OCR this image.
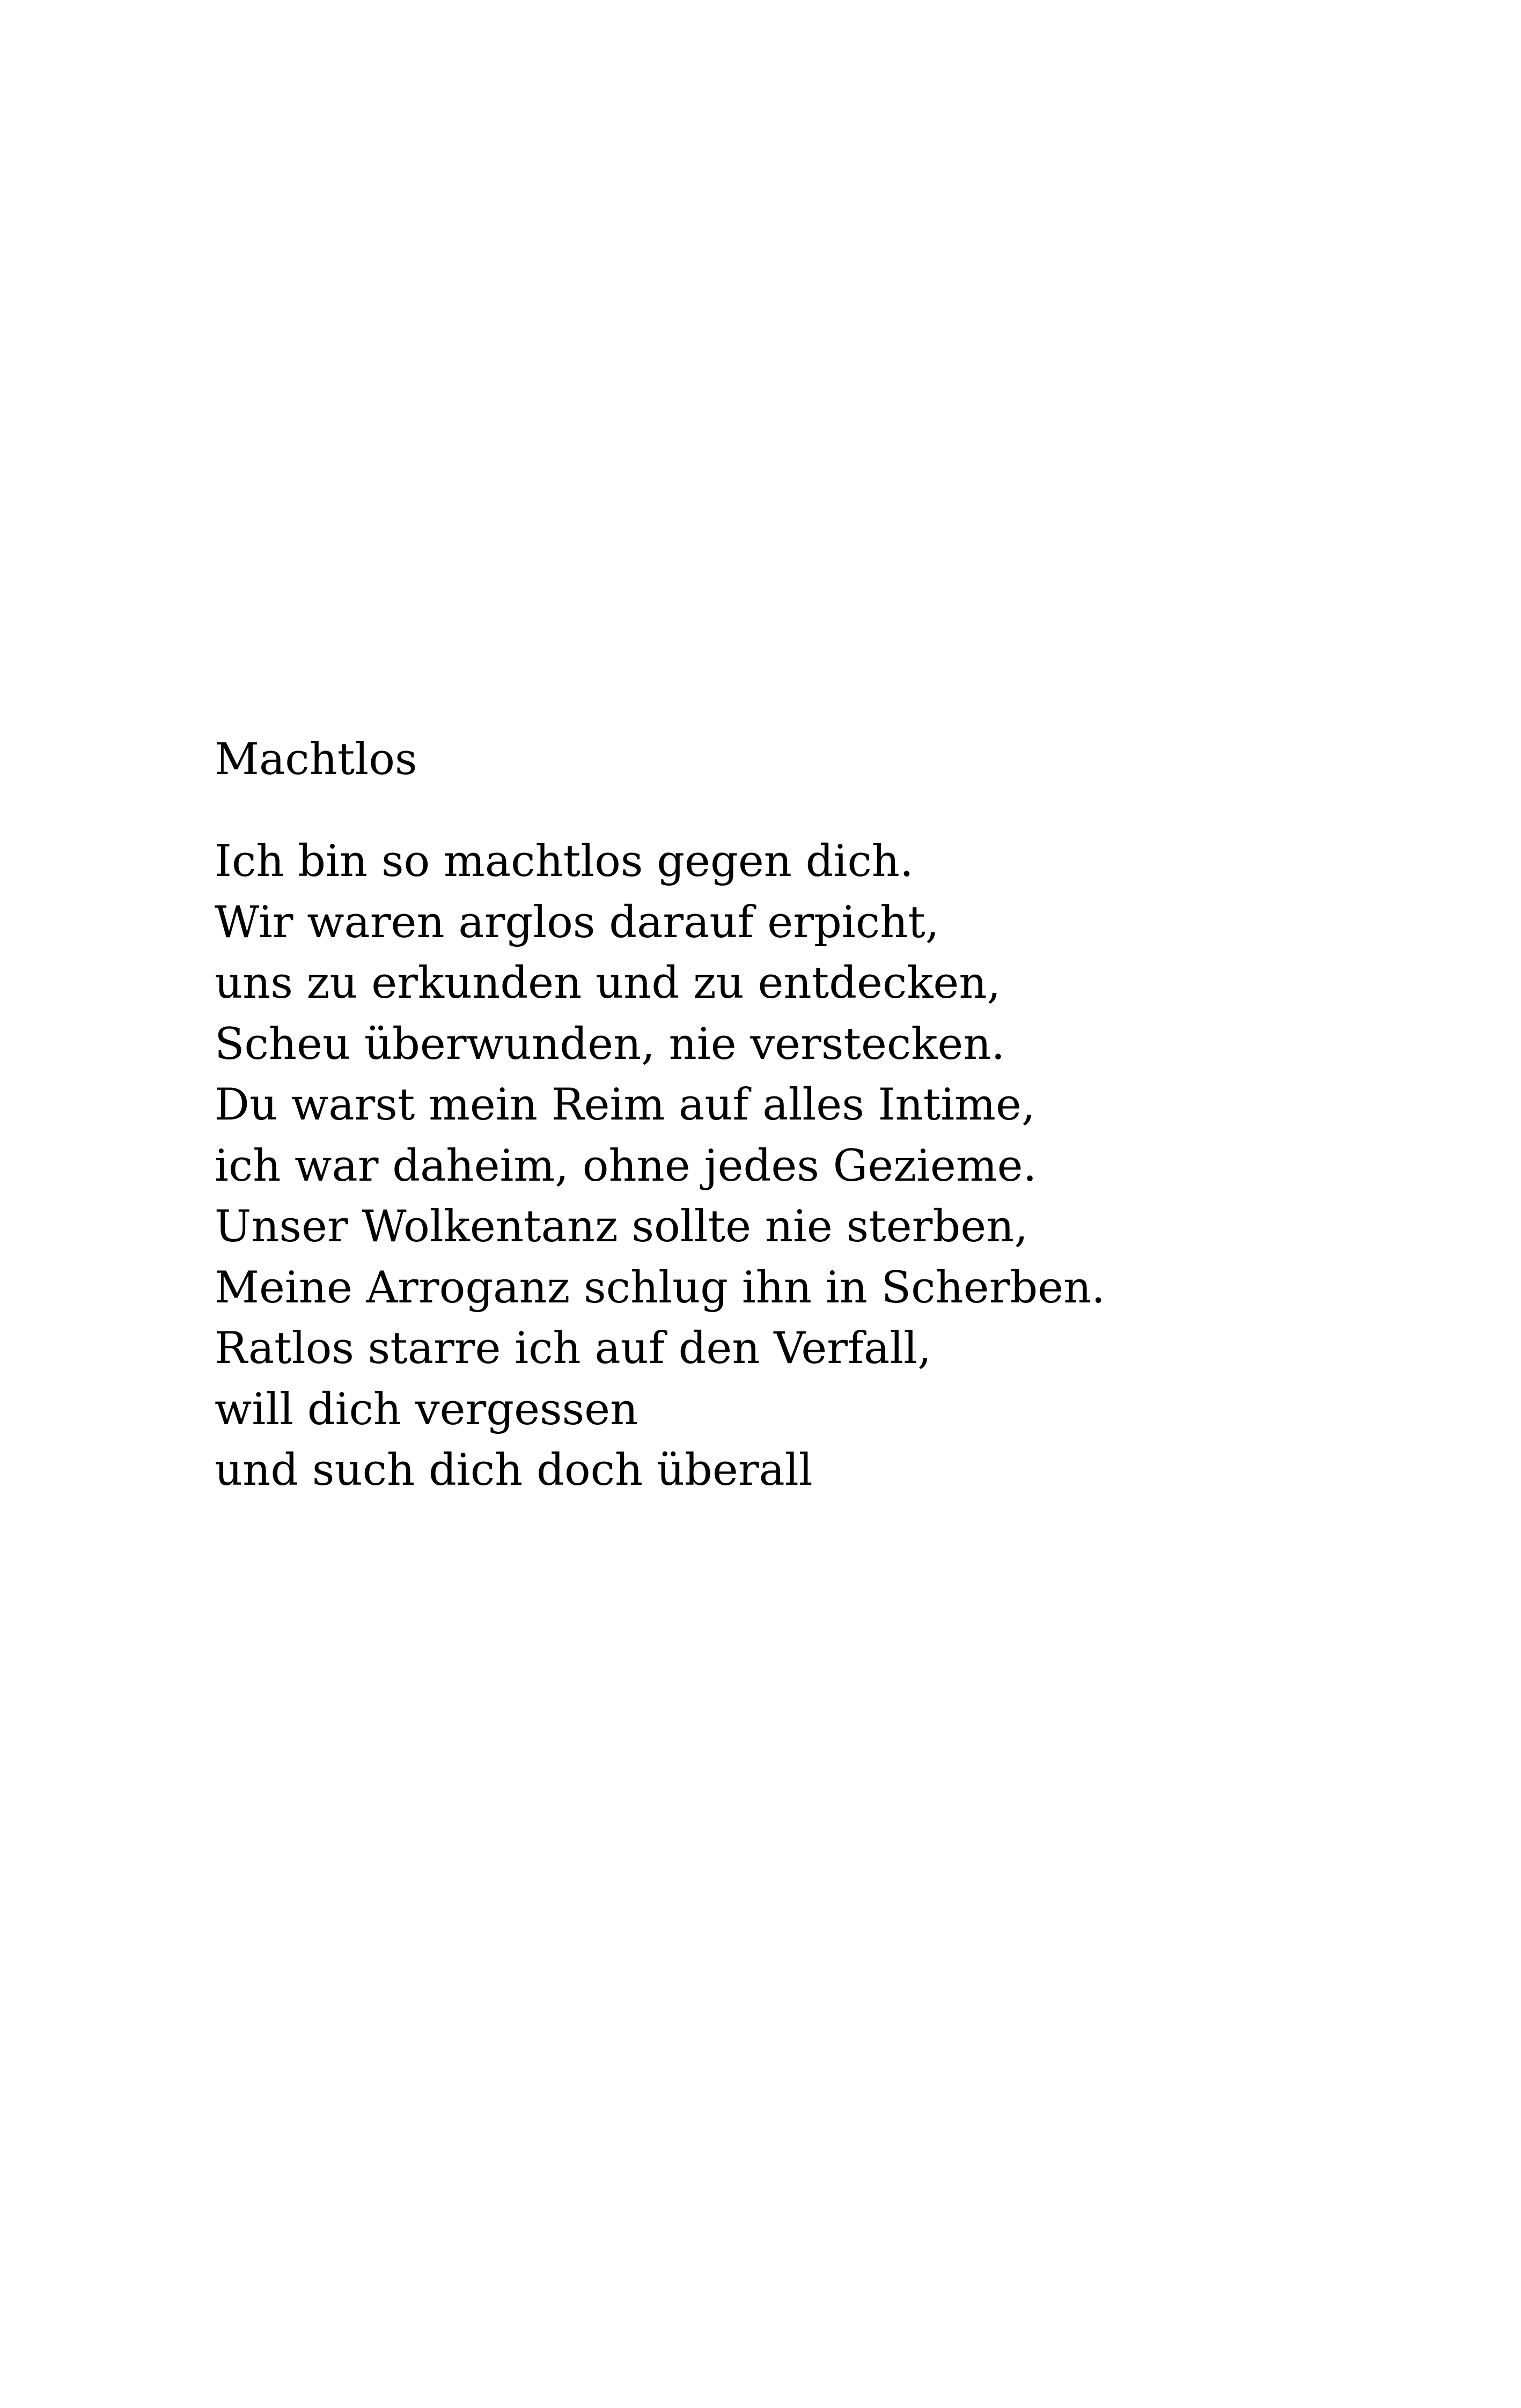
Machtlos
Ich bin so machtlos gegen dich.
Wir waren arglos darauf erpicht,
uns zu erkunden und zu entdecken,
Scheu überwunden, nie verstecken.
Du warst mein Reim auf alles Intime,
ich war daheim, ohne jedes Gezieme.
Unser Wolkentanz sollte nie sterben,
Meine Arroganz schlug ihn in Scherben.
Ratlos starre ich auf den Verfall,
will dich vergessen
und such dich doch überall
